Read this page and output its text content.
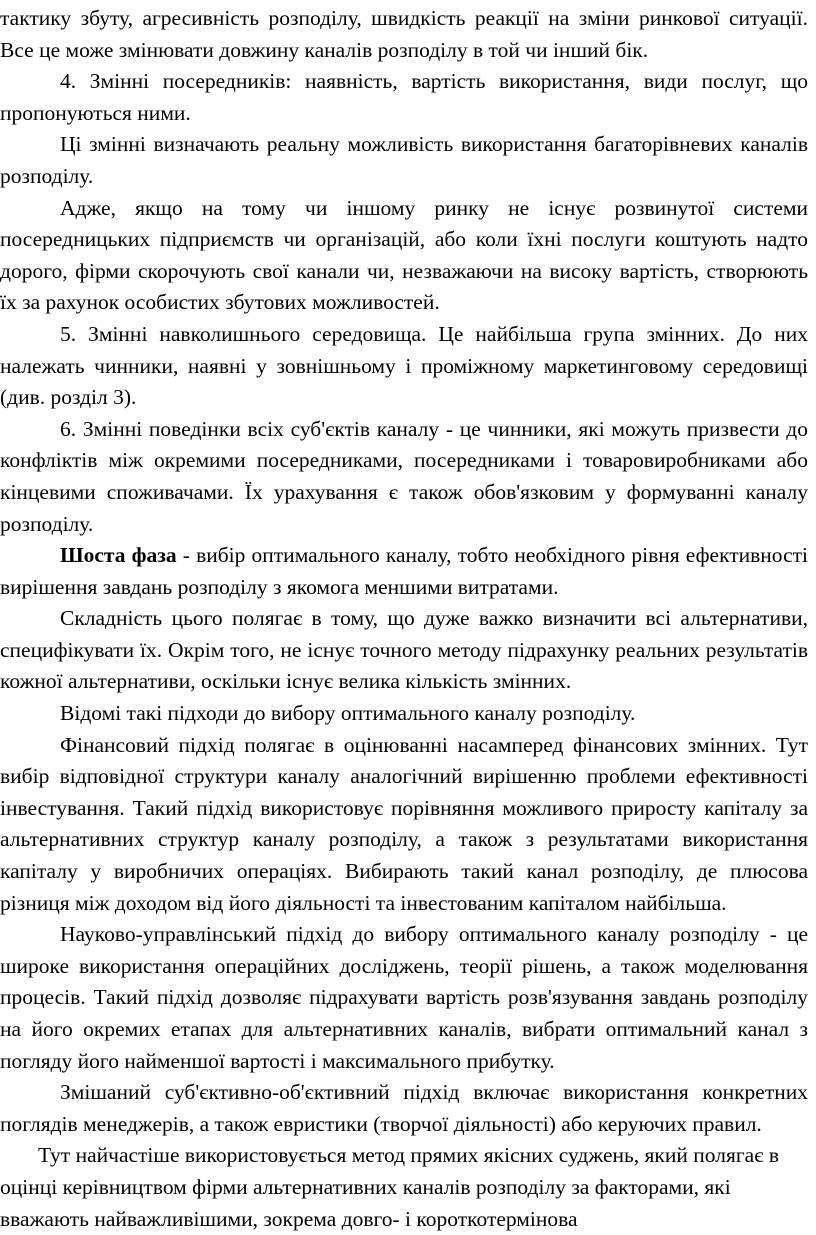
тактику збуту, агресивність розподілу, швидкість реакції на зміни ринкової ситуації. Все це може змінювати довжину каналів розподілу в той чи інший бік.

4. Змінні посередників: наявність, вартість використання, види послуг, що пропонуються ними.

Ці змінні визначають реальну можливість використання багаторівневих каналів розподілу.

Адже, якщо на тому чи іншому ринку не існує розвинутої системи посередницьких підприємств чи організацій, або коли їхні послуги коштують надто дорого, фірми скорочують свої канали чи, незважаючи на високу вартість, створюють їх за рахунок особистих збутових можливостей.

5. Змінні навколишнього середовища. Це найбільша група змінних. До них належать чинники, наявні у зовнішньому і проміжному маркетинговому середовищі (див. розділ 3).

6. Змінні поведінки всіх суб'єктів каналу - це чинники, які можуть призвести до конфліктів між окремими посередниками, посередниками і товаровиробниками або кінцевими споживачами. Їх урахування є також обов'язковим у формуванні каналу розподілу.

Шоста фаза - вибір оптимального каналу, тобто необхідного рівня ефективності вирішення завдань розподілу з якомога меншими витратами.

Складність цього полягає в тому, що дуже важко визначити всі альтернативи, специфікувати їх. Окрім того, не існує точного методу підрахунку реальних результатів кожної альтернативи, оскільки існує велика кількість змінних.

Відомі такі підходи до вибору оптимального каналу розподілу.

Фінансовий підхід полягає в оцінюванні насамперед фінансових змінних. Тут вибір відповідної структури каналу аналогічний вирішенню проблеми ефективності інвестування. Такий підхід використовує порівняння можливого приросту капіталу за альтернативних структур каналу розподілу, а також з результатами використання капіталу у виробничих операціях. Вибирають такий канал розподілу, де плюсова різниця між доходом від його діяльності та інвестованим капіталом найбільша.

Науково-управлінський підхід до вибору оптимального каналу розподілу - це широке використання операційних досліджень, теорії рішень, а також моделювання процесів. Такий підхід дозволяє підрахувати вартість розв'язування завдань розподілу на його окремих етапах для альтернативних каналів, вибрати оптимальний канал з погляду його найменшої вартості і максимального прибутку.

Змішаний суб'єктивно-об'єктивний підхід включає використання конкретних поглядів менеджерів, а також евристики (творчої діяльності) або керуючих правил.

Тут найчастіше використовується метод прямих якісних суджень, який полягає в оцінці керівництвом фірми альтернативних каналів розподілу за факторами, які вважають найважливішими, зокрема довго- і короткотермінова
